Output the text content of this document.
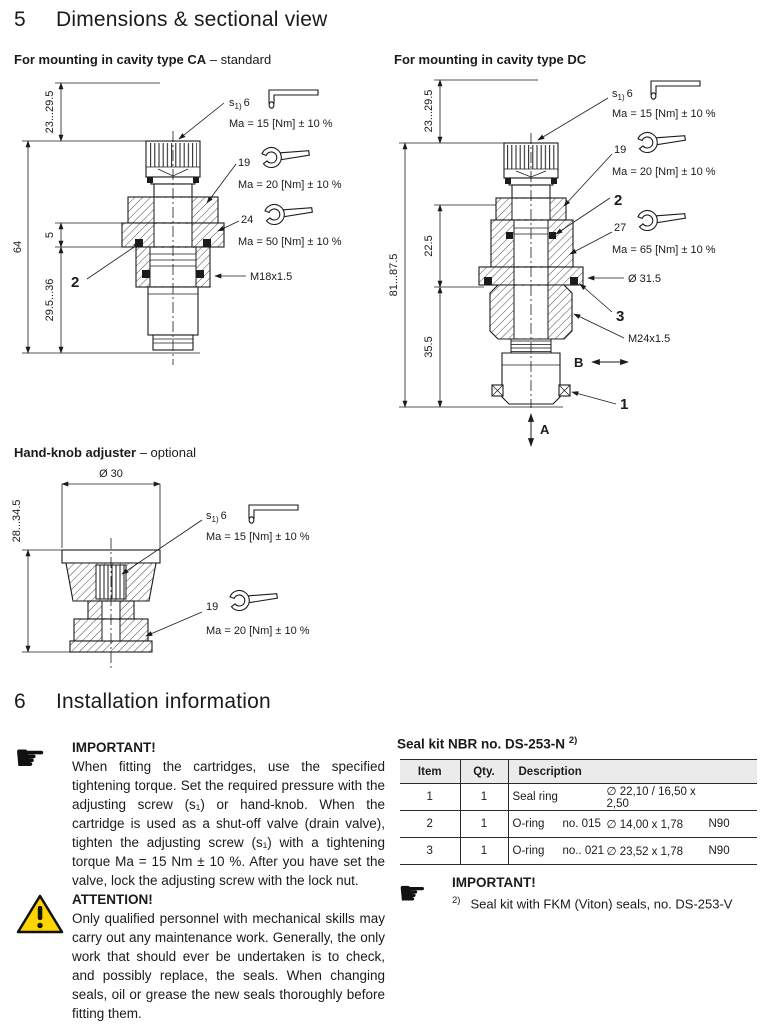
5 Dimensions & sectional view
For mounting in cavity type CA – standard	For mounting in cavity type DC
23...29.5
64
5
29.5...36
$s_{1)}$ 6
Ma = 15 [Nm] ± 10 %
19
Ma = 20 [Nm] ± 10 %
24
Ma = 50 [Nm] ± 10 %
M18x1.5
2
23...29.5
81...87.5
22.5
35.5
$s_{1)}$ 6
Ma = 15 [Nm] ± 10 %
19
Ma = 20 [Nm] ± 10 %
2
27
Ma = 65 [Nm] ± 10 %
Ø 31.5
3
M24x1.5
B
1
A
Hand-knob adjuster – optional
Ø 30
28...34.5	$s_{1)}$ 6
Ma = 15 [Nm] ± 10 %
19
Ma = 20 [Nm] ± 10 %
6 Installation information
☛ IMPORTANT!
When fitting the cartridges, use the specified tightening torque. Set the required pressure with the adjusting screw (s₁) or hand-knob. When the cartridge is used as a shut-off valve (drain valve), tighten the adjusting screw (s₁) with a tightening torque Ma = 15 Nm ± 10 %. After you have set the valve, lock the adjusting screw with the lock nut.
ATTENTION!
Only qualified personnel with mechanical skills may carry out any maintenance work. Generally, the only work that should ever be undertaken is to check, and possibly replace, the seals. When changing seals, oil or grease the new seals thoroughly before fitting them.
Seal kit NBR no. DS-253-N $^{2)}$
Item	Qty.	Description
1	1	Seal ring ∅ 22,10 / 16,50 x 2,50

2	1	O-ring no. 015 ∅ 14,00 x 1,78 N90

3	1	O-ring no.. 021 ∅ 23,52 x 1,78 N90
☛ IMPORTANT!
$^{2)}$ Seal kit with FKM (Viton) seals, no. DS-253-V
